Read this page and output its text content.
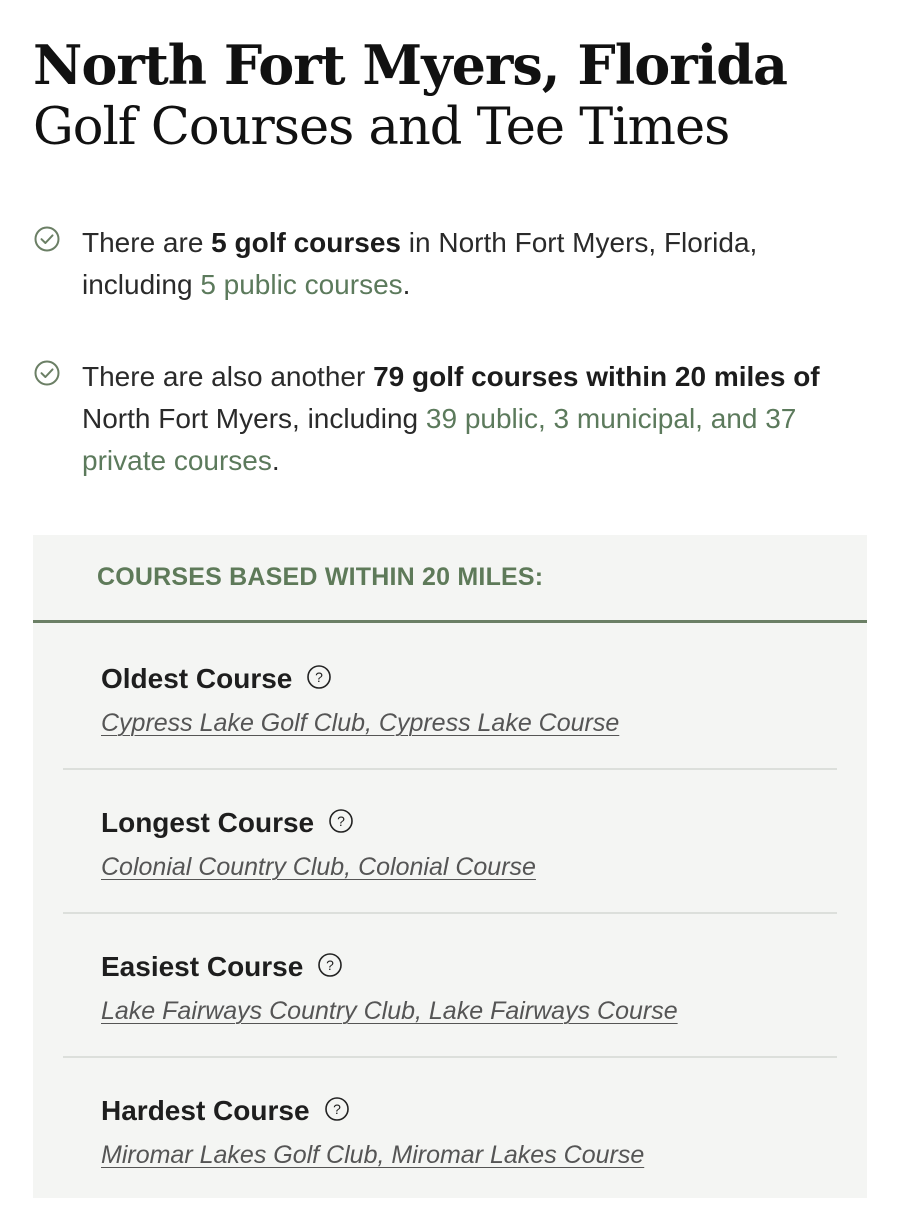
North Fort Myers, Florida
Golf Courses and Tee Times
There are 5 golf courses in North Fort Myers, Florida, including 5 public courses.
There are also another 79 golf courses within 20 miles of North Fort Myers, including 39 public, 3 municipal, and 37 private courses.
COURSES BASED WITHIN 20 MILES:
Oldest Course ?
Cypress Lake Golf Club, Cypress Lake Course
Longest Course ?
Colonial Country Club, Colonial Course
Easiest Course ?
Lake Fairways Country Club, Lake Fairways Course
Hardest Course ?
Miromar Lakes Golf Club, Miromar Lakes Course
